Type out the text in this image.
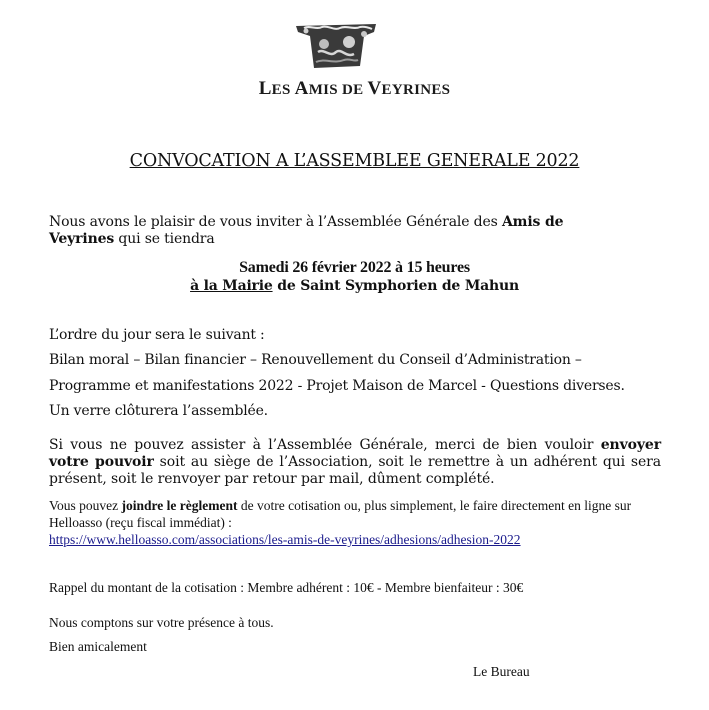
LES AMIS DE VEYRINES
CONVOCATION A L’ASSEMBLEE GENERALE 2022
Nous avons le plaisir de vous inviter à l’Assemblée Générale des Amis de Veyrines qui se tiendra
Samedi 26 février 2022 à 15 heures
à la Mairie de Saint Symphorien de Mahun
L’ordre du jour sera le suivant :
Bilan moral – Bilan financier – Renouvellement du Conseil d’Administration –
Programme et manifestations 2022 - Projet Maison de Marcel - Questions diverses.
Un verre clôturera l’assemblée.
Si vous ne pouvez assister à l’Assemblée Générale, merci de bien vouloir envoyer votre pouvoir soit au siège de l’Association, soit le remettre à un adhérent qui sera présent, soit le renvoyer par retour par mail, dûment complété.
Vous pouvez joindre le règlement de votre cotisation ou, plus simplement, le faire directement en ligne sur Helloasso (reçu fiscal immédiat) :
https://www.helloasso.com/associations/les-amis-de-veyrines/adhesions/adhesion-2022
Rappel du montant de la cotisation : Membre adhérent : 10€ - Membre bienfaiteur : 30€
Nous comptons sur votre présence à tous.
Bien amicalement
Le Bureau
